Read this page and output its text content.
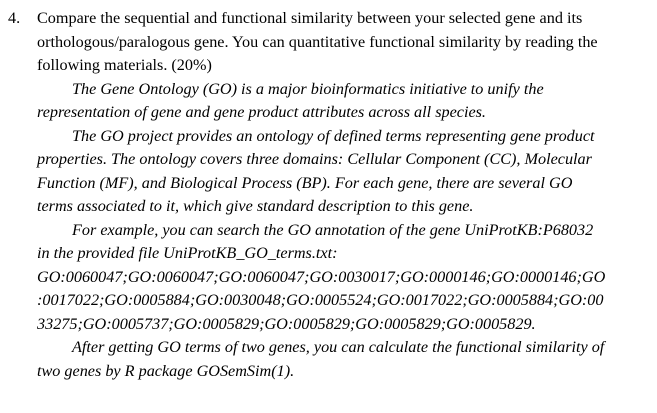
4. Compare the sequential and functional similarity between your selected gene and its
orthologous/paralogous gene. You can quantitative functional similarity by reading the
following materials. (20%)
The Gene Ontology (GO) is a major bioinformatics initiative to unify the
representation of gene and gene product attributes across all species.
The GO project provides an ontology of defined terms representing gene product
properties. The ontology covers three domains: Cellular Component (CC), Molecular
Function (MF), and Biological Process (BP). For each gene, there are several GO
terms associated to it, which give standard description to this gene.
For example, you can search the GO annotation of the gene UniProtKB:P68032
in the provided file UniProtKB_GO_terms.txt:
GO:0060047;GO:0060047;GO:0060047;GO:0030017;GO:0000146;GO:0000146;GO
:0017022;GO:0005884;GO:0030048;GO:0005524;GO:0017022;GO:0005884;GO:00
33275;GO:0005737;GO:0005829;GO:0005829;GO:0005829;GO:0005829.
After getting GO terms of two genes, you can calculate the functional similarity of
two genes by R package GOSemSim(1).
